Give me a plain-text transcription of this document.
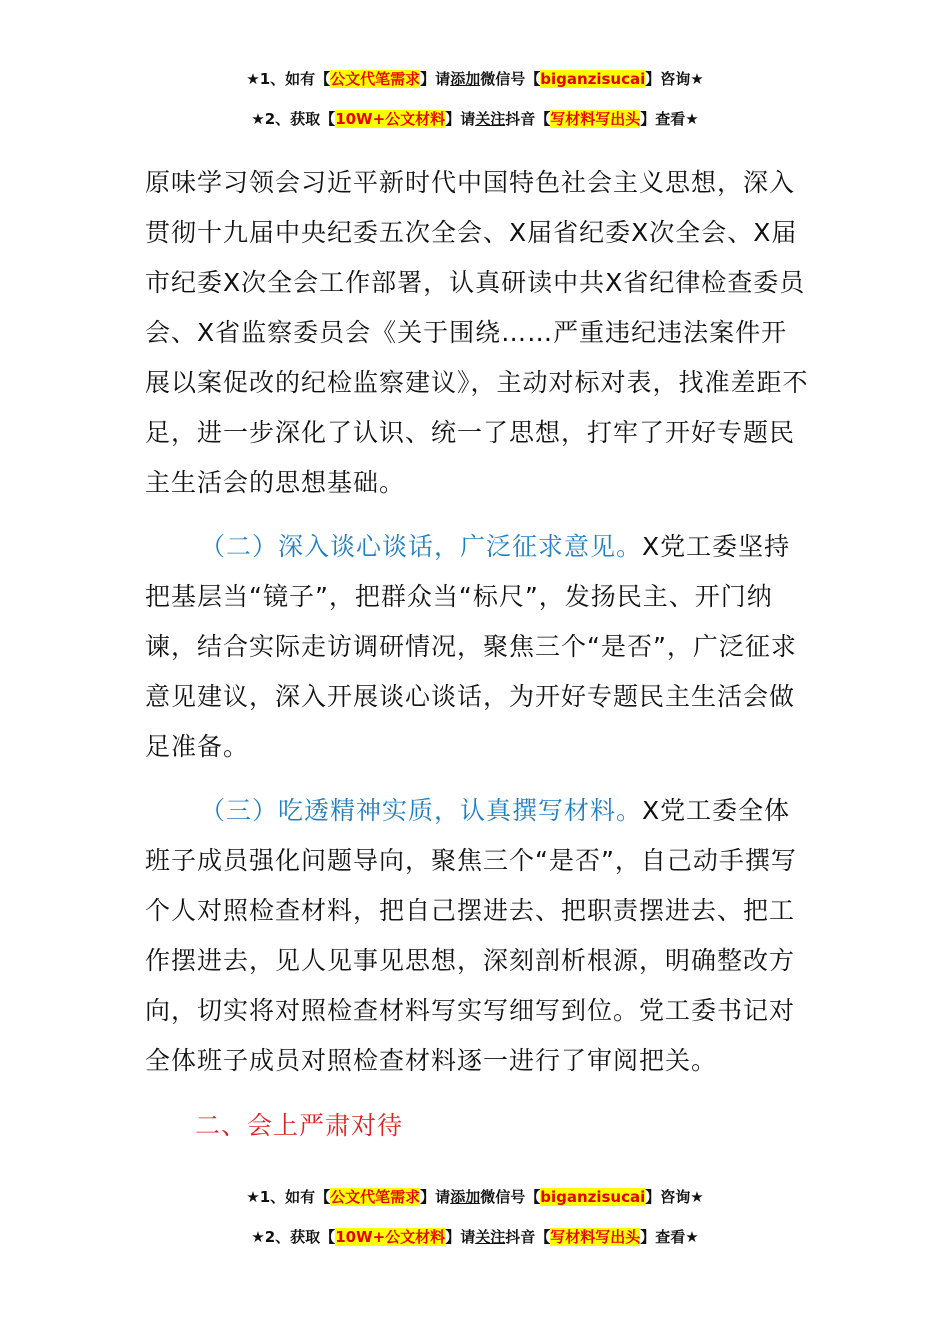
★1、如有【公文代笔需求】请添加微信号【biganzisucai】咨询★
★2、获取【10W+公文材料】请关注抖音【写材料写出头】查看★

原味学习领会习近平新时代中国特色社会主义思想，深入贯彻十九届中央纪委五次全会、X届省纪委X次全会、X届市纪委X次全会工作部署，认真研读中共X省纪律检查委员会、X省监察委员会《关于围绕……严重违纪违法案件开展以案促改的纪检监察建议》，主动对标对表，找准差距不足，进一步深化了认识、统一了思想，打牢了开好专题民主生活会的思想基础。

（二）深入谈心谈话，广泛征求意见。X党工委坚持把基层当“镜子”，把群众当“标尺”，发扬民主、开门纳谏，结合实际走访调研情况，聚焦三个“是否”，广泛征求意见建议，深入开展谈心谈话，为开好专题民主生活会做足准备。

（三）吃透精神实质，认真撰写材料。X党工委全体班子成员强化问题导向，聚焦三个“是否”，自己动手撰写个人对照检查材料，把自己摆进去、把职责摆进去、把工作摆进去，见人见事见思想，深刻剖析根源，明确整改方向，切实将对照检查材料写实写细写到位。党工委书记对全体班子成员对照检查材料逐一进行了审阅把关。

二、会上严肃对待
★1、如有【公文代笔需求】请添加微信号【biganzisucai】咨询★
★2、获取【10W+公文材料】请关注抖音【写材料写出头】查看★
